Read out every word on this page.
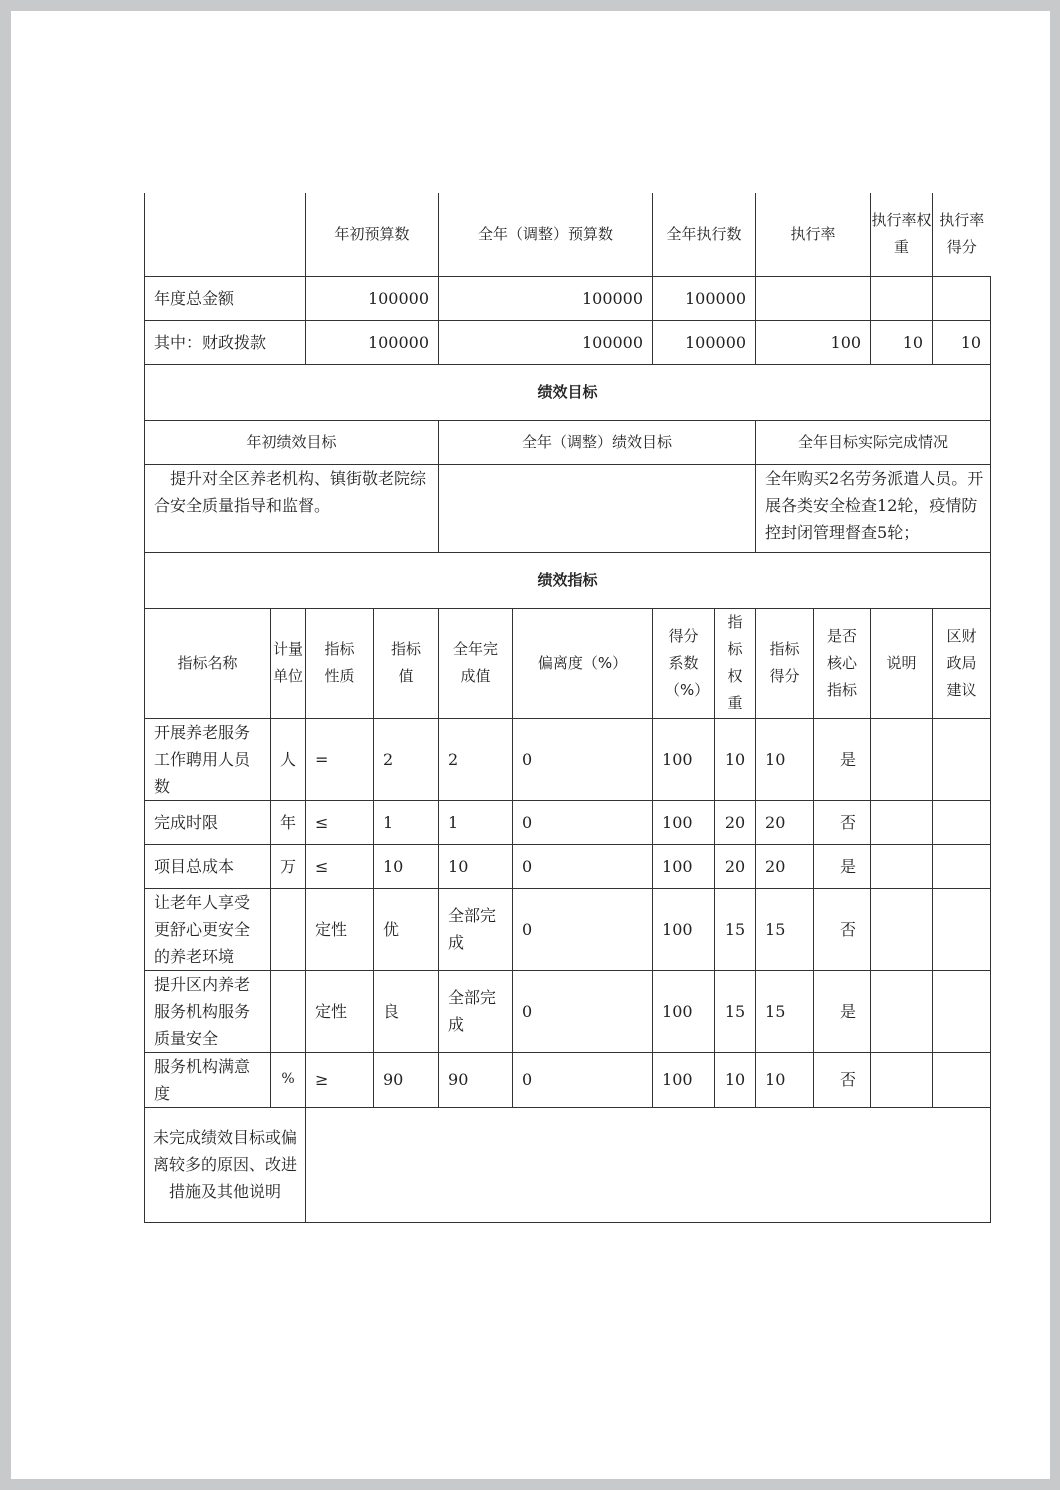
		年初预算数		全年（调整）预算数		全年执行数		执行率		执行率权重	执行率得分
年度总金额		100000		100000		100000					
其中：财政拨款		100000		100000		100000		100		10	10
绩效目标											
年初绩效目标				全年（调整）绩效目标				全年目标实际完成情况			
提升对全区养老机构、镇街敬老院综合安全质量指导和监督。								全年购买2名劳务派遣人员。开展各类安全检查12轮，疫情防控封闭管理督查5轮；			
绩效指标											
指标名称	计量单位	指标性质	指标值	全年完成值	偏离度（%）	得分系数（%）	指标权重	指标得分	是否核心指标	说明	区财政局建议
开展养老服务工作聘用人员数	人	=	2	2	0	100	10	10	是		
完成时限	年	≤	1	1	0	100	20	20	否		
项目总成本	万	≤	10	10	0	100	20	20	是		
让老年人享受更舒心更安全的养老环境		定性	优	全部完成	0	100	15	15	否		
提升区内养老服务机构服务质量安全		定性	良	全部完成	0	100	15	15	是		
服务机构满意度	%	≥	90	90	0	100	10	10	否		
未完成绩效目标或偏离较多的原因、改进措施及其他说明											
